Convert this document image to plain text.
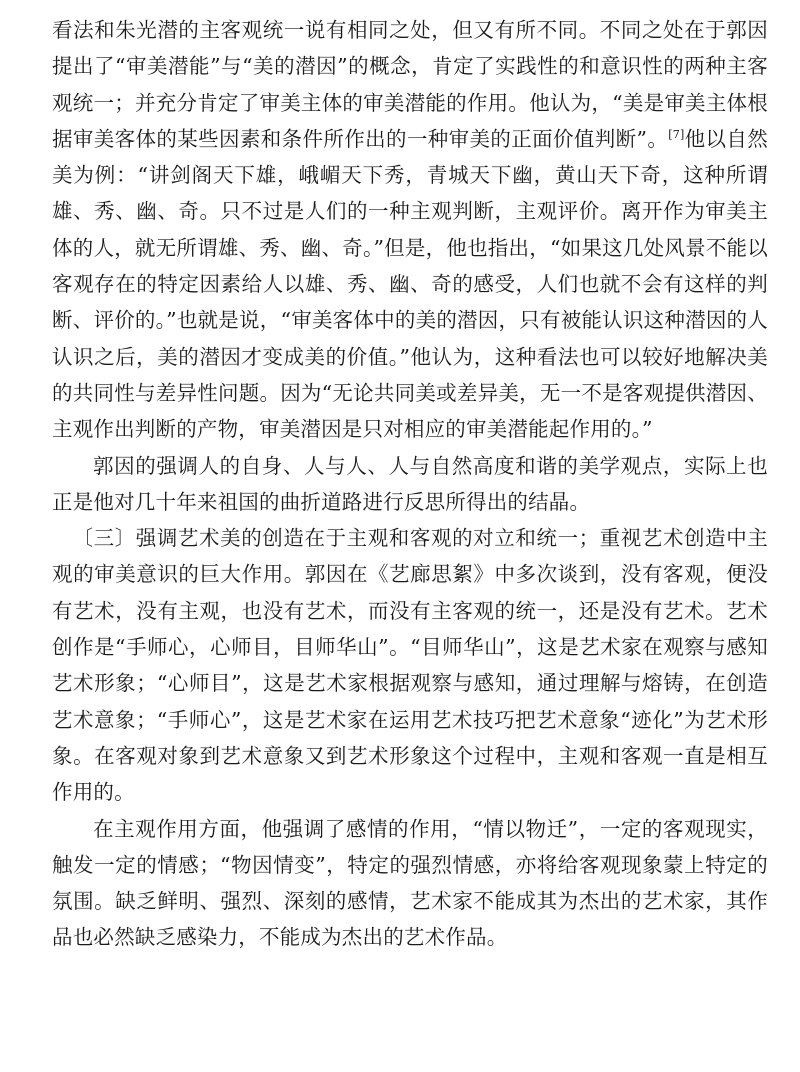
看法和朱光潜的主客观统一说有相同之处，但又有所不同。不同之处在于郭因提出了“审美潜能”与“美的潜因”的概念，肯定了实践性的和意识性的两种主客观统一；并充分肯定了审美主体的审美潜能的作用。他认为，“美是审美主体根据审美客体的某些因素和条件所作出的一种审美的正面价值判断”。[7]他以自然美为例：“讲剑阁天下雄，峨嵋天下秀，青城天下幽，黄山天下奇，这种所谓雄、秀、幽、奇。只不过是人们的一种主观判断，主观评价。离开作为审美主体的人，就无所谓雄、秀、幽、奇。”但是，他也指出，“如果这几处风景不能以客观存在的特定因素给人以雄、秀、幽、奇的感受，人们也就不会有这样的判断、评价的。”也就是说，“审美客体中的美的潜因，只有被能认识这种潜因的人认识之后，美的潜因才变成美的价值。”他认为，这种看法也可以较好地解决美的共同性与差异性问题。因为“无论共同美或差异美，无一不是客观提供潜因、主观作出判断的产物，审美潜因是只对相应的审美潜能起作用的。”

郭因的强调人的自身、人与人、人与自然高度和谐的美学观点，实际上也正是他对几十年来祖国的曲折道路进行反思所得出的结晶。

〔三〕强调艺术美的创造在于主观和客观的对立和统一；重视艺术创造中主观的审美意识的巨大作用。郭因在《艺廊思絮》中多次谈到，没有客观，便没有艺术，没有主观，也没有艺术，而没有主客观的统一，还是没有艺术。艺术创作是“手师心，心师目，目师华山”。“目师华山”，这是艺术家在观察与感知艺术形象；“心师目”，这是艺术家根据观察与感知，通过理解与熔铸，在创造艺术意象；“手师心”，这是艺术家在运用艺术技巧把艺术意象“迹化”为艺术形象。在客观对象到艺术意象又到艺术形象这个过程中，主观和客观一直是相互作用的。

在主观作用方面，他强调了感情的作用，“情以物迁”，一定的客观现实，触发一定的情感；“物因情变”，特定的强烈情感，亦将给客观现象蒙上特定的氛围。缺乏鲜明、强烈、深刻的感情，艺术家不能成其为杰出的艺术家，其作品也必然缺乏感染力，不能成为杰出的艺术作品。
